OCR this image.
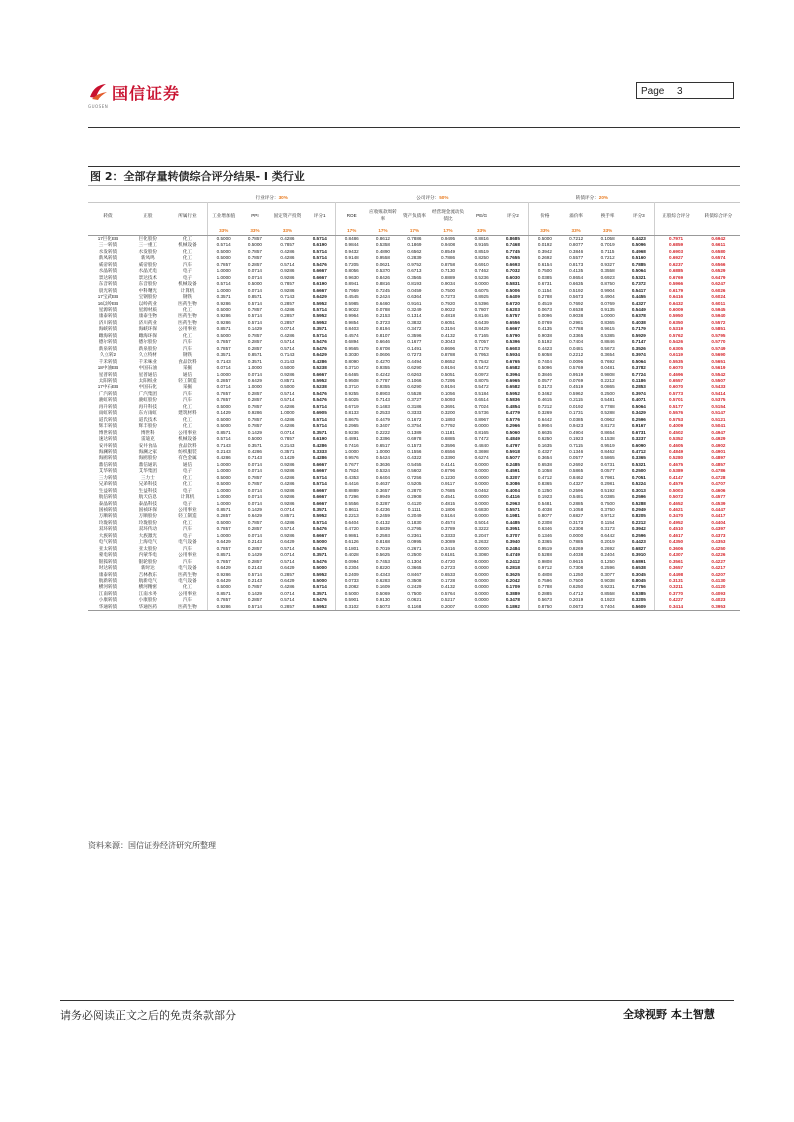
国信证券
GUOSEN
Page 3
图 2：全部存量转债综合评分结果- I 类行业
			行业评分：30%				公司评分：50%						转债评分：20%					
转债	正股	所属行业	工业增加值	PPI	固定资产投资	评分1	ROE	应收账款周转率	资产负债率	经营现金流动负债比	PE/G	评分2	价格	溢价率	换手率	评分3	正股综合评分	转债综合评分
			33%	33%	33%		17%	17%	17%	17%	33%		33%	33%	33%			
17巨化EB	巨化股份	化工	0.5000	0.7857	0.4286	0.5714	0.8486	0.8612	0.7886	0.9495	0.8816	0.8685	0.5000	0.7212	0.1058	0.4423	0.7971	0.6942
三一转债	三一重工	机械设备	0.5714	0.5000	0.7857	0.6190	0.9844	0.5358	0.1869	0.9408	0.9165	0.7468	0.0192	0.8077	0.7019	0.5096	0.6859	0.6611
水发转债	水发股份	化工	0.5000	0.7857	0.4286	0.5714	0.9432	0.4890	0.6562	0.8549	0.8519	0.7745	0.3942	0.3846	0.7115	0.4968	0.6903	0.6580
新凤转债	新凤鸣	化工	0.5000	0.7857	0.4286	0.5714	0.9148	0.9558	0.2839	0.7886	0.8250	0.7655	0.2692	0.5577	0.7212	0.5160	0.6927	0.6574
威帝转债	威帝股份	汽车	0.7857	0.2857	0.5714	0.5476	0.7205	0.0621	0.9752	0.8758	0.6910	0.6693	0.6154	0.8173	0.9327	0.7885	0.6237	0.6566
水晶转债	水晶光电	电子	1.0000	0.0714	0.9286	0.6667	0.8056	0.5370	0.6713	0.7130	0.7462	0.7032	0.7500	0.4135	0.3558	0.5064	0.6885	0.6529
景达转债	景达技术	电子	1.0000	0.0714	0.9286	0.6667	0.9630	0.8426	0.3565	0.8889	0.5236	0.6030	0.0385	0.8654	0.6923	0.5321	0.6769	0.6479
东音转债	东音股份	机械设备	0.5714	0.5000	0.7857	0.6190	0.8941	0.8816	0.8193	0.9034	0.0000	0.5831	0.6731	0.6635	0.8750	0.7372	0.5966	0.6247
晨光转债	中科曙光	计算机	1.0000	0.0714	0.9286	0.6667	0.7959	0.7245	0.0459	0.7500	0.6075	0.5006	0.1154	0.5192	0.9904	0.5417	0.6179	0.6026
17宝武EB	宝钢股份	钢铁	0.3571	0.8571	0.7143	0.6429	0.4545	0.2424	0.6364	0.7273	0.8925	0.6409	0.2788	0.5673	0.4904	0.4455	0.6416	0.6024
16以岭EB	以岭药业	医药生物	0.9286	0.5714	0.2857	0.5952	0.5985	0.6460	0.9161	0.7920	0.5396	0.6720	0.4519	0.7692	0.0769	0.4327	0.6432	0.6011
星源转债	星源材质	化工	0.5000	0.7857	0.4286	0.5714	0.9022	0.0788	0.3249	0.9022	0.7807	0.6203	0.0673	0.6538	0.9135	0.5449	0.6009	0.5945
康泰转债	康泰生物	医药生物	0.9286	0.5714	0.2857	0.5952	0.9964	0.2153	0.1314	0.4818	0.8146	0.5757	0.0096	0.9038	1.0000	0.6378	0.5950	0.5940
济川转债	济川药业	医药生物	0.9286	0.5714	0.2857	0.5952	0.9854	0.3723	0.3832	0.6051	0.6439	0.6556	0.0769	0.2981	0.8365	0.4038	0.6350	0.5572
海峡转债	海峡环保	公用事业	0.8571	0.1429	0.0714	0.3571	0.8403	0.8194	0.3472	0.3194	0.8429	0.6667	0.4135	0.7788	0.9615	0.7179	0.5319	0.5851
雌海转债	雌海环保	化工	0.5000	0.7857	0.4286	0.5714	0.4574	0.8107	0.3596	0.4132	0.7165	0.5790	0.9038	0.3365	0.5385	0.5929	0.5762	0.5795
德尔转债	德尔股份	汽车	0.7857	0.2857	0.5714	0.5476	0.6894	0.6646	0.1677	0.3043	0.7057	0.5396	0.5192	0.7404	0.8846	0.7147	0.5426	0.5770
新泉转债	新泉股份	汽车	0.7857	0.2857	0.5714	0.5476	0.9565	0.6708	0.1491	0.8696	0.7179	0.6603	0.4423	0.0481	0.5673	0.3526	0.6305	0.5749
久立转2	久立特材	钢铁	0.3571	0.8571	0.7143	0.6429	0.3030	0.0606	0.7273	0.8788	0.7953	0.5934	0.6058	0.2212	0.3654	0.3974	0.6119	0.5690
千禾转债	千禾味业	食品饮料	0.7143	0.3571	0.2143	0.4286	0.8090	0.4270	0.4494	0.8652	0.7542	0.6765	0.7404	0.0096	0.7692	0.5064	0.5535	0.5651
18中油EB	中国石油	采掘	0.0714	1.0000	0.5000	0.5238	0.3710	0.9355	0.6290	0.9194	0.5472	0.6582	0.5096	0.5769	0.0481	0.3782	0.6070	0.5619
星普转债	星普通信	通信	1.0000	0.0714	0.9286	0.6667	0.6465	0.4242	0.6263	0.5051	0.0972	0.3994	0.3846	0.9519	0.9808	0.7724	0.4696	0.5542
太阳转债	太阳纸业	轻工制造	0.2857	0.6429	0.8571	0.5952	0.9508	0.7787	0.1066	0.7295	0.8075	0.6965	0.0577	0.0769	0.2212	0.1186	0.6557	0.5507
17中石EB	中国石化	采掘	0.0714	1.0000	0.5000	0.5238	0.3710	0.9355	0.6290	0.9194	0.5472	0.6582	0.3173	0.4519	0.0865	0.2853	0.6070	0.5433
广汽转债	广汽集团	汽车	0.7857	0.2857	0.5714	0.5476	0.9255	0.8903	0.5528	0.1056	0.5184	0.5952	0.3462	0.5962	0.2500	0.3974	0.5773	0.5414
骏虹转债	骏虹股份	汽车	0.7857	0.2857	0.5714	0.5476	0.6025	0.7143	0.3727	0.5093	0.6514	0.5836	0.4615	0.2115	0.5481	0.4071	0.5701	0.5375
再升转债	再升科技	化工	0.5000	0.7857	0.4286	0.5714	0.6719	0.1483	0.3186	0.3691	0.7024	0.4854	0.7212	0.0192	0.7788	0.5064	0.5177	0.5154
雨虹转债	东方雨虹	建筑材料	0.1429	0.9286	1.0000	0.6905	0.8133	0.2533	0.3333	0.3200	0.5736	0.4779	0.3269	0.1731	0.5288	0.3429	0.5576	0.5147
道氏转债	道氏技术	化工	0.5000	0.7857	0.4286	0.5714	0.8675	0.4479	0.1672	0.1893	0.8967	0.5776	0.6442	0.0385	0.0962	0.2596	0.5753	0.5121
辉丰转债	辉丰股份	化工	0.5000	0.7857	0.4286	0.5714	0.2965	0.3407	0.3754	0.7792	0.0000	0.2966	0.9904	0.9423	0.8173	0.9167	0.4009	0.5041
博世转债	博世科	公用事业	0.8571	0.1429	0.0714	0.3571	0.9236	0.2222	0.1389	0.1181	0.8165	0.5060	0.6635	0.4904	0.8654	0.6731	0.4502	0.4947
速达转债	雷迪克	机械设备	0.5714	0.5000	0.7857	0.6190	0.4891	0.3396	0.6978	0.6885	0.7472	0.4849	0.6250	0.1923	0.1538	0.3237	0.5352	0.4929
安井转债	安井食品	食品饮料	0.7143	0.3571	0.2143	0.4286	0.7416	0.6517	0.1573	0.3596	0.4840	0.4797	0.1635	0.7115	0.9519	0.6090	0.4605	0.4902
海澜转债	海澜之家	纺织服装	0.2143	0.4286	0.3571	0.3333	1.0000	1.0000	0.1556	0.6556	0.3698	0.5918	0.4327	0.1346	0.8462	0.4712	0.4849	0.4901
海鸥转债	海鸥股份	有色金属	0.4286	0.7143	0.1429	0.4286	0.9576	0.5424	0.4322	0.3390	0.6274	0.5077	0.3654	0.0577	0.5865	0.3365	0.5280	0.4897
鼎信转债	鼎信通讯	通信	1.0000	0.0714	0.9286	0.6667	0.7677	0.3636	0.5455	0.4141	0.0000	0.2485	0.6538	0.2692	0.6731	0.5321	0.4675	0.4857
艾华转债	艾华集团	电子	1.0000	0.0714	0.9286	0.6667	0.7824	0.5324	0.5602	0.8796	0.0000	0.4591	0.1058	0.5865	0.0577	0.2500	0.5389	0.4786
三力转债	三力士	化工	0.5000	0.7857	0.4286	0.5714	0.4353	0.6404	0.7256	0.1230	0.0000	0.3207	0.4712	0.8462	0.7981	0.7051	0.4147	0.4728
兄弟转债	兄弟科技	化工	0.5000	0.7857	0.4286	0.5714	0.4416	0.4637	0.5205	0.9117	0.0000	0.3086	0.8365	0.4327	0.2981	0.5224	0.4579	0.4707
生益转债	生益科技	电子	1.0000	0.0714	0.9286	0.6667	0.8889	0.3657	0.2870	0.7685	0.0462	0.4004	0.1250	0.2596	0.5192	0.3013	0.5003	0.4606
航信转债	航天信息	计算机	1.0000	0.0714	0.9286	0.6667	0.7296	0.9949	0.2908	0.4541	0.0000	0.4116	0.1923	0.5481	0.0385	0.2596	0.5072	0.4577
泰晶转债	泰晶科技	电子	1.0000	0.0714	0.9286	0.6667	0.5556	0.3287	0.4120	0.4815	0.0000	0.2963	0.5481	0.2885	0.7500	0.5288	0.4652	0.4539
国祯转债	国祯环保	公用事业	0.8571	0.1429	0.0714	0.3571	0.8611	0.4236	0.1111	0.1806	0.6830	0.5571	0.4038	0.1058	0.3750	0.2949	0.4621	0.4447
万顺转债	万顺股份	轻工制造	0.2857	0.6429	0.8571	0.5952	0.2213	0.2459	0.2049	0.5164	0.0000	0.1981	0.8077	0.6827	0.9712	0.8205	0.3470	0.4417
玲珑转债	玲珑股份	化工	0.5000	0.7857	0.4286	0.5714	0.6404	0.4132	0.1830	0.4574	0.5014	0.4485	0.2308	0.3173	0.1154	0.2212	0.4952	0.4404
双环转债	双环传动	汽车	0.7857	0.2857	0.5714	0.5476	0.4720	0.5839	0.2795	0.3789	0.3222	0.3951	0.6346	0.2308	0.3173	0.3942	0.4510	0.4397
大族转债	大族激光	电子	1.0000	0.0714	0.9286	0.6667	0.9861	0.2593	0.2361	0.3333	0.2047	0.3707	0.1346	0.0000	0.6442	0.2596	0.4617	0.4373
电气转债	上海电气	电气设备	0.6429	0.2143	0.6429	0.5000	0.6126	0.8168	0.0995	0.3089	0.2632	0.3940	0.3365	0.7885	0.2019	0.4423	0.4350	0.4353
亚太转债	亚太股份	汽车	0.7857	0.2857	0.5714	0.5476	0.1801	0.7019	0.2671	0.3416	0.0000	0.2484	0.9519	0.8269	0.2692	0.6827	0.3606	0.4250
蒙电转债	内蒙华电	公用事业	0.8571	0.1429	0.0714	0.3571	0.4028	0.5625	0.2500	0.6181	0.3080	0.4749	0.5288	0.4038	0.2404	0.3910	0.4307	0.4226
银狐转债	银轮股份	汽车	0.7857	0.2857	0.5714	0.5476	0.0994	0.7453	0.1304	0.4720	0.0000	0.2412	0.9808	0.9615	0.1250	0.6891	0.3561	0.4227
时达转债	新时达	电气设备	0.6429	0.2143	0.6429	0.5000	0.2304	0.8220	0.3665	0.2723	0.0000	0.2818	0.9712	0.7308	0.2596	0.6538	0.3657	0.4217
康泰转债	吉林敖东	医药生物	0.9286	0.5714	0.2857	0.5952	0.2409	0.4343	0.8467	0.6533	0.0000	0.3625	0.4808	0.1250	0.3077	0.3045	0.4498	0.4207
航新转债	航新电气	电气设备	0.6429	0.2143	0.6429	0.5000	0.0733	0.6283	0.3508	0.1728	0.0000	0.2042	0.7596	0.7500	0.9038	0.8045	0.3131	0.4130
横河转债	横河精密	化工	0.5000	0.7857	0.4286	0.5714	0.2082	0.1609	0.2429	0.4132	0.0000	0.1709	0.7788	0.6250	0.9231	0.7756	0.3211	0.4120
江南转债	江南水务	公用事业	0.8571	0.1429	0.0714	0.3571	0.5000	0.5069	0.7500	0.5764	0.0000	0.3889	0.2885	0.4712	0.8558	0.5385	0.3770	0.4093
小康转债	小康股份	汽车	0.7857	0.2857	0.5714	0.5476	0.5901	0.9130	0.0621	0.5217	0.0000	0.3478	0.5673	0.2019	0.1923	0.3205	0.4227	0.4023
华通转债	华通医药	医药生物	0.9286	0.5714	0.2857	0.5952	0.3102	0.5073	0.1168	0.2007	0.0000	0.1892	0.8750	0.0673	0.7404	0.5609	0.3414	0.3953
资料来源：国信证券经济研究所整理
请务必阅读正文之后的免责条款部分	全球视野 本土智慧
